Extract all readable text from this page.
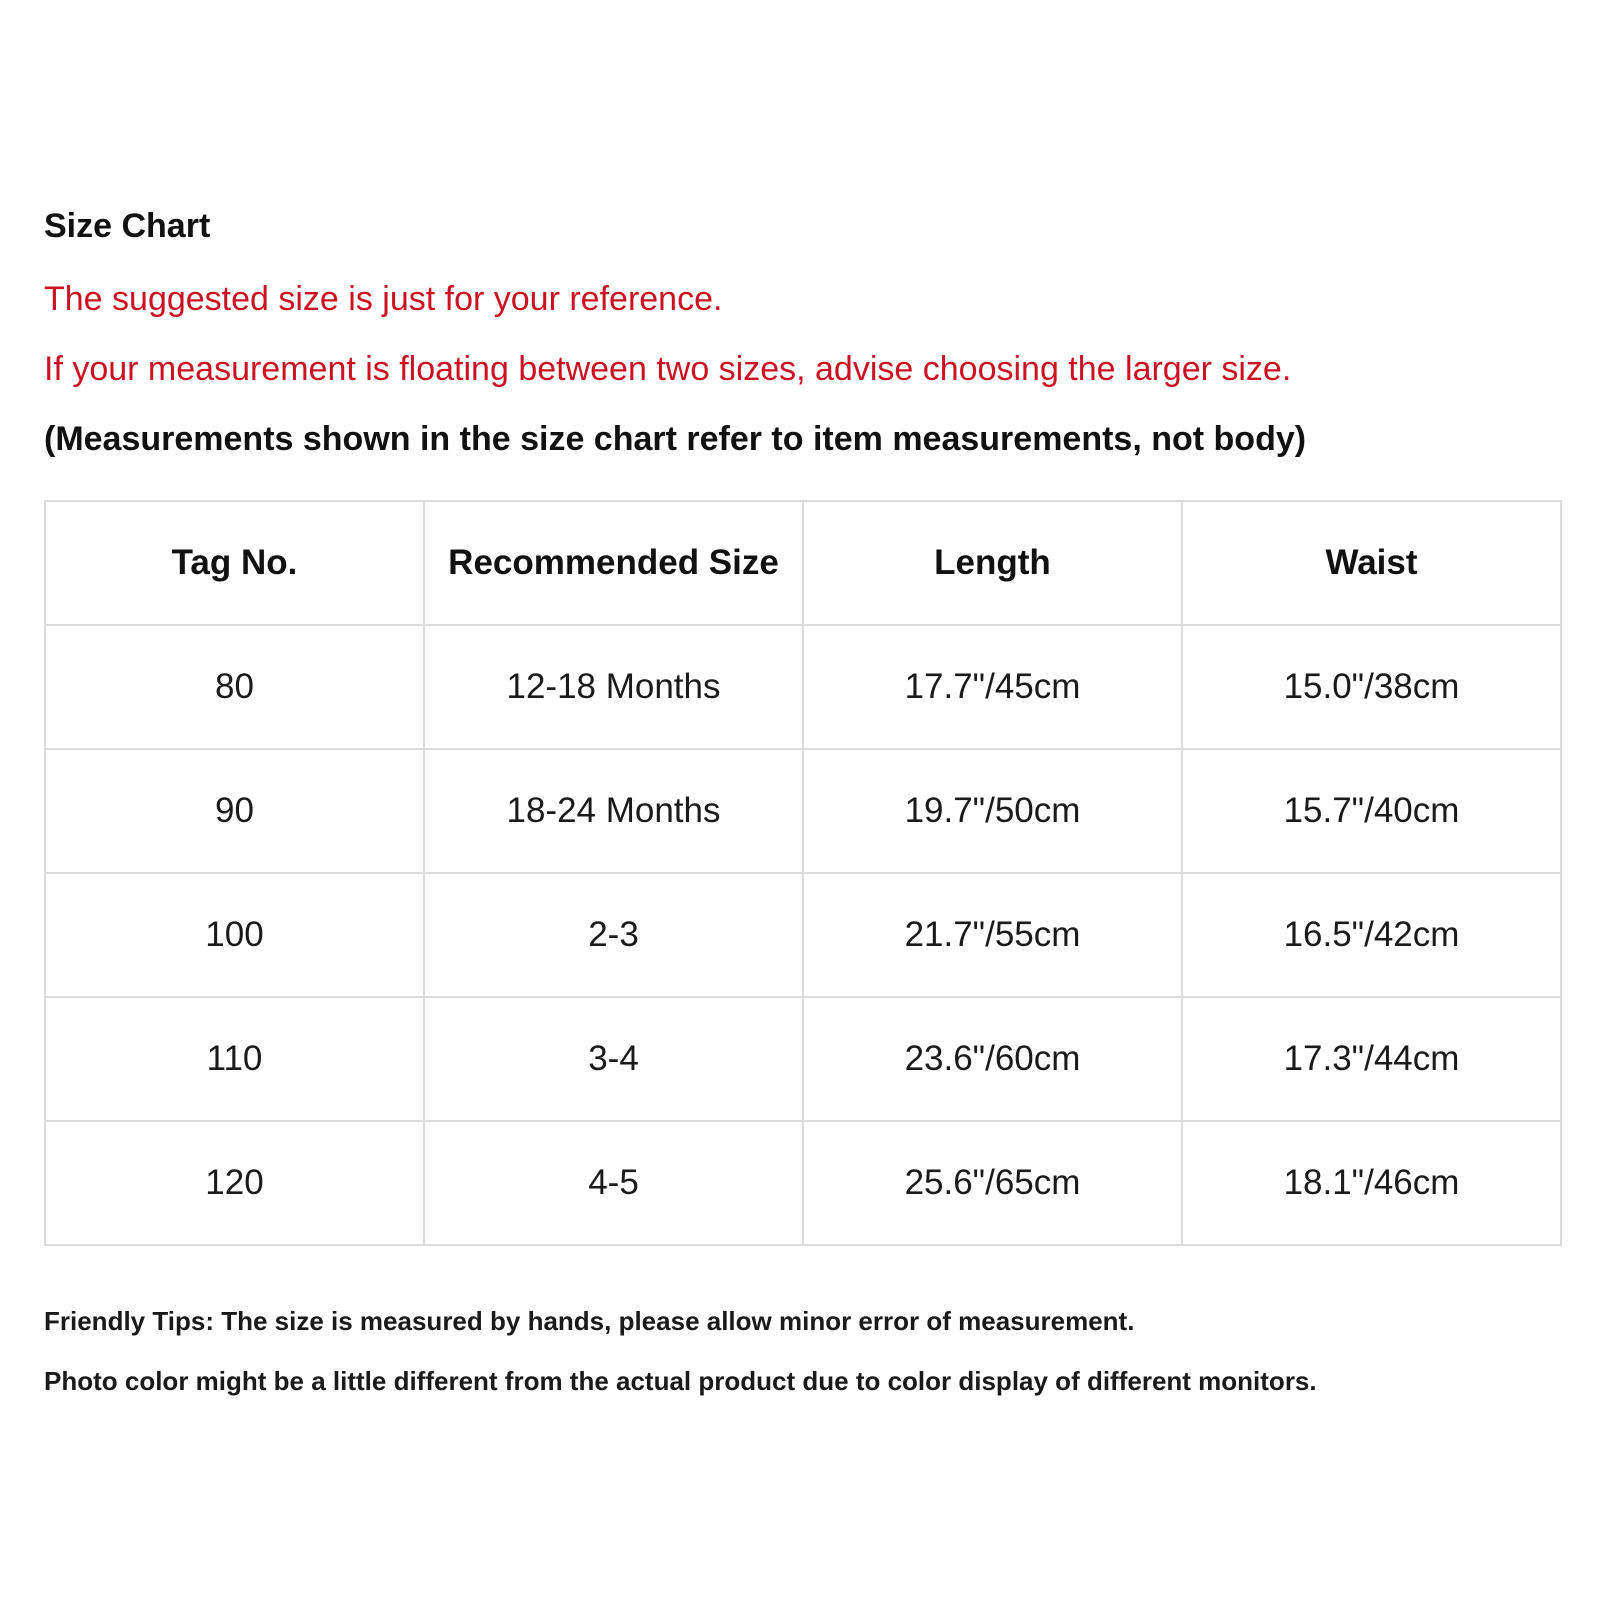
Size Chart
The suggested size is just for your reference.
If your measurement is floating between two sizes, advise choosing the larger size.
(Measurements shown in the size chart refer to item measurements, not body)
Tag No.	Recommended Size	Length	Waist
80	12-18 Months	17.7"/45cm	15.0"/38cm
90	18-24 Months	19.7"/50cm	15.7"/40cm
100	2-3	21.7"/55cm	16.5"/42cm
110	3-4	23.6"/60cm	17.3"/44cm
120	4-5	25.6"/65cm	18.1"/46cm
Friendly Tips: The size is measured by hands, please allow minor error of measurement.
Photo color might be a little different from the actual product due to color display of different monitors.
